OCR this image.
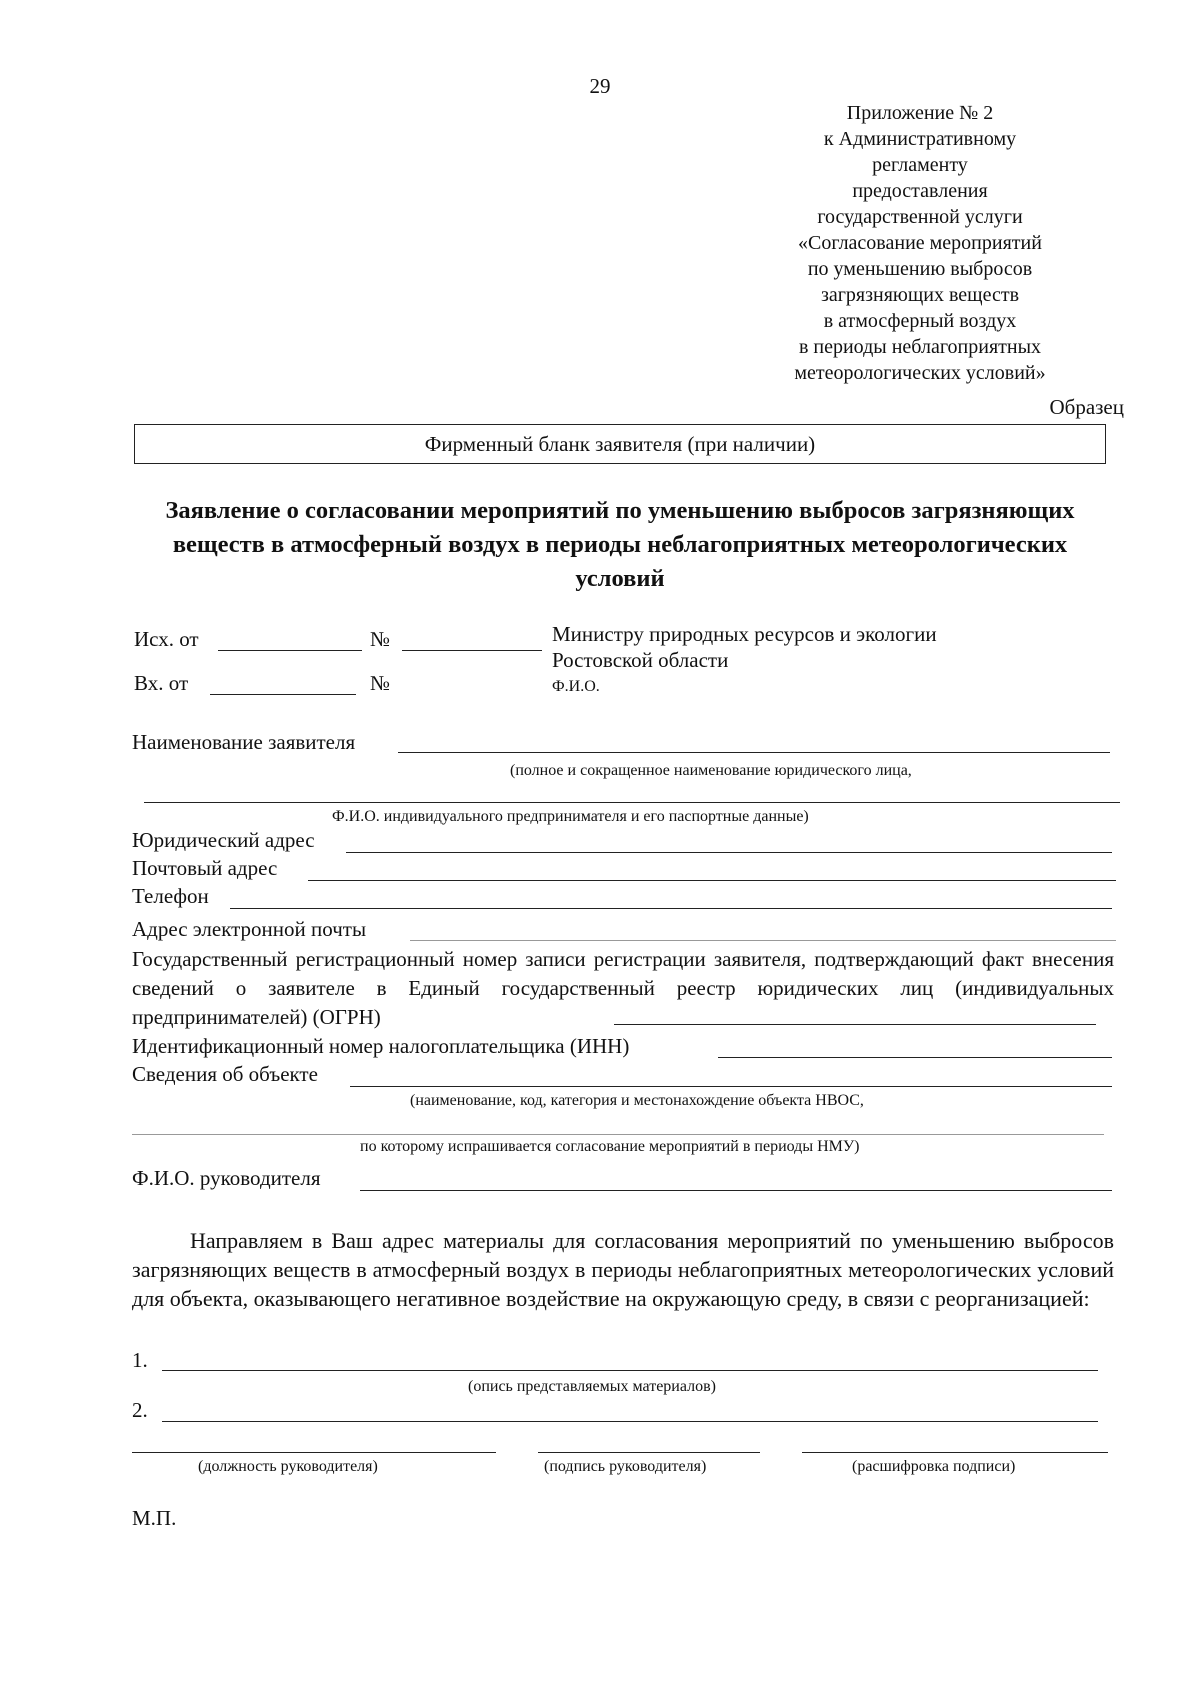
29
Приложение № 2
к Административному
регламенту
предоставления
государственной услуги
«Согласование мероприятий
по уменьшению выбросов
загрязняющих веществ
в атмосферный воздух
в периоды неблагоприятных
метеорологических условий»
Образец
Фирменный бланк заявителя (при наличии)
Заявление о согласовании мероприятий по уменьшению выбросов загрязняющих веществ в атмосферный воздух в периоды неблагоприятных метеорологических условий
Исх. от	№
Вх. от	№
Министру природных ресурсов и экологии
Ростовской области
Ф.И.О.
Наименование заявителя
(полное и сокращенное наименование юридического лица,
Ф.И.О. индивидуального предпринимателя и его паспортные данные)
Юридический адрес
Почтовый адрес
Телефон
Адрес электронной почты
Государственный регистрационный номер записи регистрации заявителя, подтверждающий факт внесения сведений о заявителе в Единый государственный реестр юридических лиц (индивидуальных предпринимателей) (ОГРН)
Идентификационный номер налогоплательщика (ИНН)
Сведения об объекте
(наименование, код, категория и местонахождение объекта НВОС,
по которому испрашивается согласование мероприятий в периоды НМУ)
Ф.И.О. руководителя
Направляем в Ваш адрес материалы для согласования мероприятий по уменьшению выбросов загрязняющих веществ в атмосферный воздух в периоды неблагоприятных метеорологических условий для объекта, оказывающего негативное воздействие на окружающую среду, в связи с реорганизацией:
1.
(опись представляемых материалов)
2.
(должность руководителя)	(подпись руководителя)	(расшифровка подписи)
М.П.
